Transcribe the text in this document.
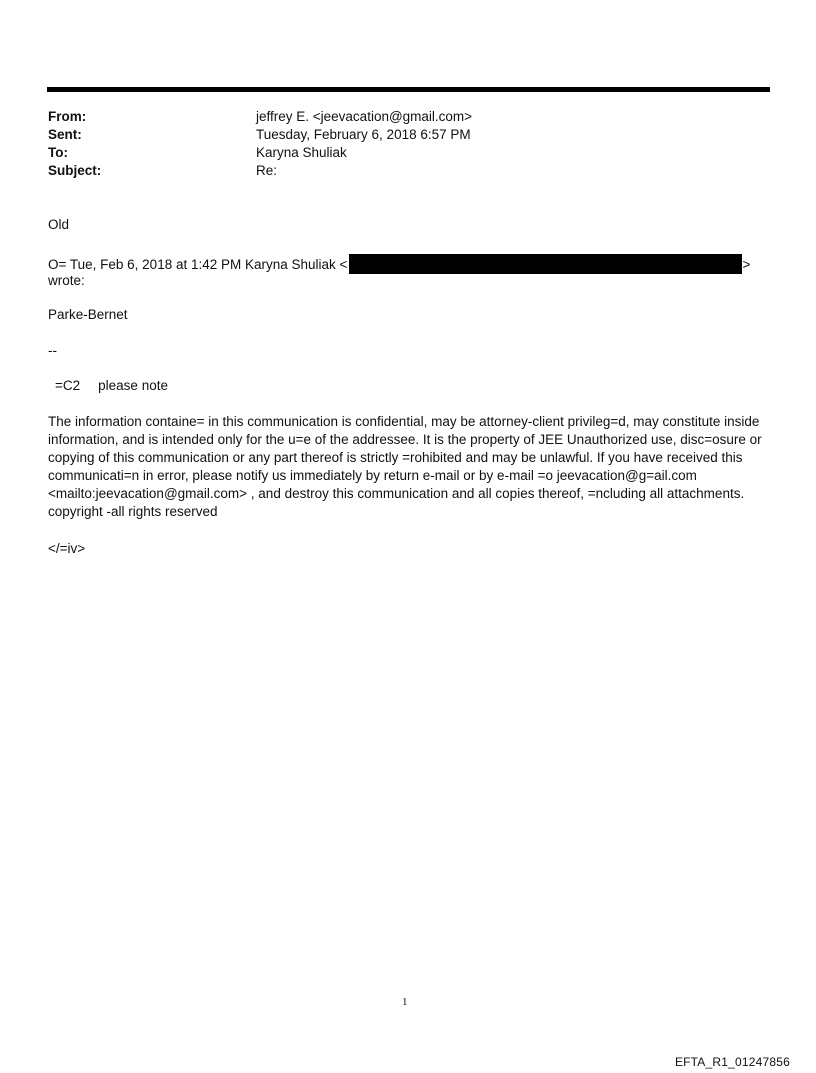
From:	jeffrey E. <jeevacation@gmail.com>
Sent:	Tuesday, February 6, 2018 6:57 PM
To:	Karyna Shuliak
Subject:	Re:
Old
O= Tue, Feb 6, 2018 at 1:42 PM Karyna Shuliak <	>
wrote:
Parke-Bernet
--
=C2 please note

The information containe= in this communication is confidential, may be attorney-client privileg=d, may constitute inside information, and is intended only for the u=e of the addressee. It is the property of JEE Unauthorized use, disc=osure or copying of this communication or any part thereof is strictly =rohibited and may be unlawful. If you have received this communicati=n in error, please notify us immediately by return e-mail or by e-mail =o jeevacation@g=ail.com <mailto:jeevacation@gmail.com> , and destroy this communication and all copies thereof, =ncluding all attachments. copyright -all rights reserved

</=iv>
1
EFTA_R1_01247856
